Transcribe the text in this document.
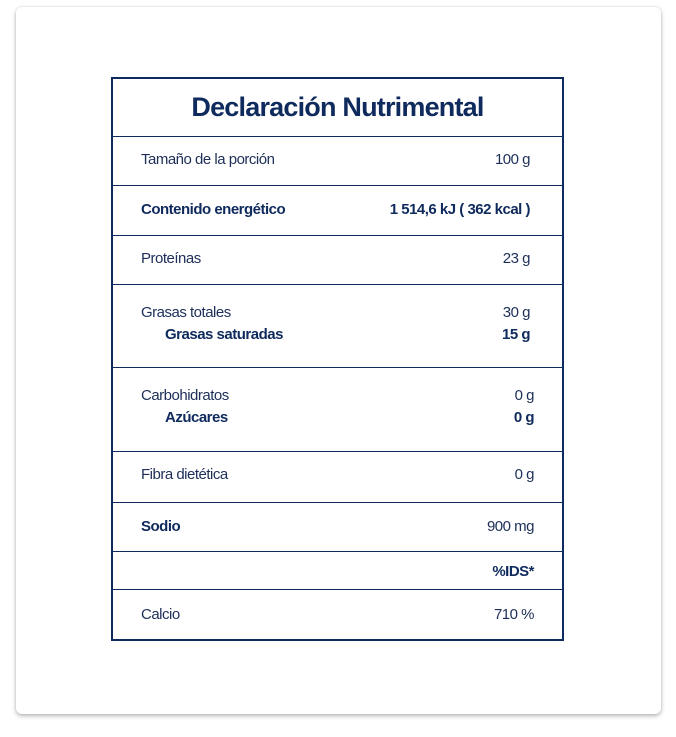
Declaración Nutrimental
Tamaño de la porción	100 g
Contenido energético	1 514,6 kJ ( 362 kcal )
Proteínas	23 g
Grasas totales	30 g
Grasas saturadas	15 g
Carbohidratos	0 g
Azúcares	0 g
Fibra dietética	0 g
Sodio	900 mg
%IDS*
Calcio	710 %
